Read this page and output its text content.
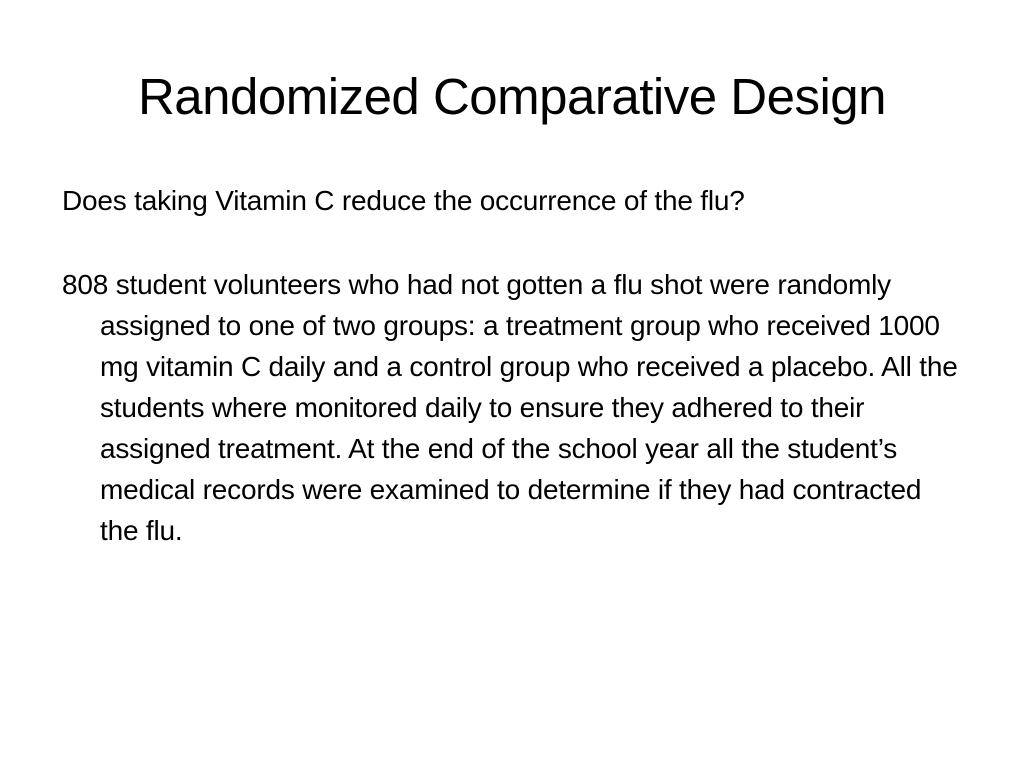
Randomized Comparative Design

Does taking Vitamin C reduce the occurrence of the flu?

808 student volunteers who had not gotten a flu shot were randomly assigned to one of two groups: a treatment group who received 1000 mg vitamin C daily and a control group who received a placebo. All the students where monitored daily to ensure they adhered to their assigned treatment. At the end of the school year all the student’s medical records were examined to determine if they had contracted the flu.
